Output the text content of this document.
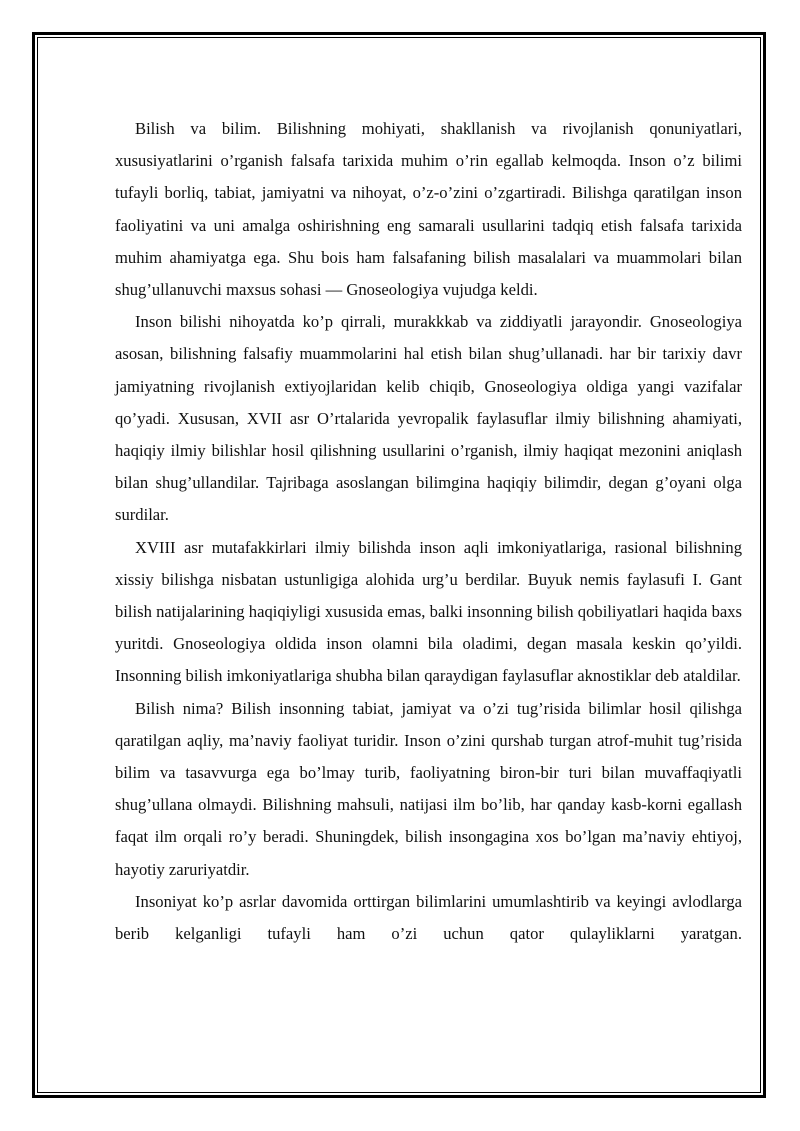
Bilish va bilim. Bilishning mohiyati, shakllanish va rivojlanish qonuniyatlari, xususiyatlarini o’rganish falsafa tarixida muhim o’rin egallab kelmoqda. Inson o’z bilimi tufayli borliq, tabiat, jamiyatni va nihoyat, o’z-o’zini o’zgartiradi. Bilishga qaratilgan inson faoliyatini va uni amalga oshirishning eng samarali usullarini tadqiq etish falsafa tarixida muhim ahamiyatga ega. Shu bois ham falsafaning bilish masalalari va muammolari bilan shug’ullanuvchi maxsus sohasi — Gnoseologiya vujudga keldi.

Inson bilishi nihoyatda ko’p qirrali, murakkkab va ziddiyatli jarayondir. Gnoseologiya asosan, bilishning falsafiy muammolarini hal etish bilan shug’ullanadi. har bir tarixiy davr jamiyatning rivojlanish extiyojlaridan kelib chiqib, Gnoseologiya oldiga yangi vazifalar qo’yadi. Xususan, XVII asr O’rtalarida yevropalik faylasuflar ilmiy bilishning ahamiyati, haqiqiy ilmiy bilishlar hosil qilishning usullarini o’rganish, ilmiy haqiqat mezonini aniqlash bilan shug’ullandilar. Tajribaga asoslangan bilimgina haqiqiy bilimdir, degan g’oyani olga surdilar.

XVIII asr mutafakkirlari ilmiy bilishda inson aqli imkoniyatlariga, rasional bilishning xissiy bilishga nisbatan ustunligiga alohida urg’u berdilar. Buyuk nemis faylasufi I. Gant bilish natijalarining haqiqiyligi xususida emas, balki insonning bilish qobiliyatlari haqida baxs yuritdi. Gnoseologiya oldida inson olamni bila oladimi, degan masala keskin qo’yildi. Insonning bilish imkoniyatlariga shubha bilan qaraydigan faylasuflar aknostiklar deb ataldilar.

Bilish nima? Bilish insonning tabiat, jamiyat va o’zi tug’risida bilimlar hosil qilishga qaratilgan aqliy, ma’naviy faoliyat turidir. Inson o’zini qurshab turgan atrof-muhit tug’risida bilim va tasavvurga ega bo’lmay turib, faoliyatning biron-bir turi bilan muvaffaqiyatli shug’ullana olmaydi. Bilishning mahsuli, natijasi ilm bo’lib, har qanday kasb-korni egallash faqat ilm orqali ro’y beradi. Shuningdek, bilish insongagina xos bo’lgan ma’naviy ehtiyoj, hayotiy zaruriyatdir.

Insoniyat ko’p asrlar davomida orttirgan bilimlarini umumlashtirib va keyingi avlodlarga berib kelganligi tufayli ham o’zi uchun qator qulayliklarni yaratgan.
